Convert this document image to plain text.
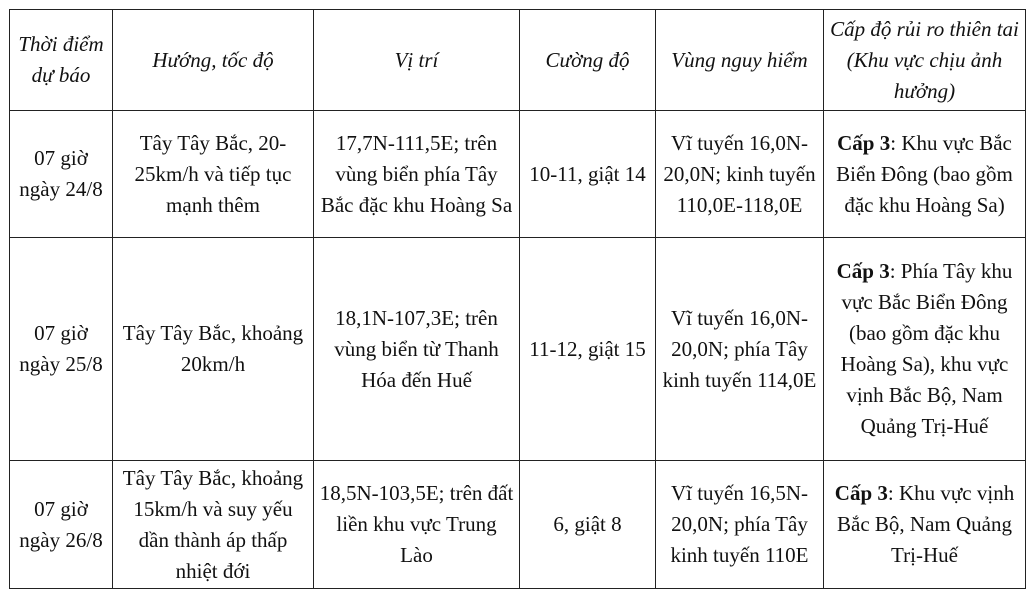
Thời điểm dự báo	Hướng, tốc độ	Vị trí	Cường độ	Vùng nguy hiểm	Cấp độ rủi ro thiên tai (Khu vực chịu ảnh hưởng)
07 giờ ngày 24/8	Tây Tây Bắc, 20-25km/h và tiếp tục mạnh thêm	17,7N-111,5E; trên vùng biển phía Tây Bắc đặc khu Hoàng Sa	10-11, giật 14	Vĩ tuyến 16,0N-20,0N; kinh tuyến 110,0E-118,0E	Cấp 3: Khu vực Bắc Biển Đông (bao gồm đặc khu Hoàng Sa)
07 giờ ngày 25/8	Tây Tây Bắc, khoảng 20km/h	18,1N-107,3E; trên vùng biển từ Thanh Hóa đến Huế	11-12, giật 15	Vĩ tuyến 16,0N-20,0N; phía Tây kinh tuyến 114,0E	Cấp 3: Phía Tây khu vực Bắc Biển Đông (bao gồm đặc khu Hoàng Sa), khu vực vịnh Bắc Bộ, Nam Quảng Trị-Huế
07 giờ ngày 26/8	Tây Tây Bắc, khoảng 15km/h và suy yếu dần thành áp thấp nhiệt đới	18,5N-103,5E; trên đất liền khu vực Trung Lào	6, giật 8	Vĩ tuyến 16,5N-20,0N; phía Tây kinh tuyến 110E	Cấp 3: Khu vực vịnh Bắc Bộ, Nam Quảng Trị-Huế
